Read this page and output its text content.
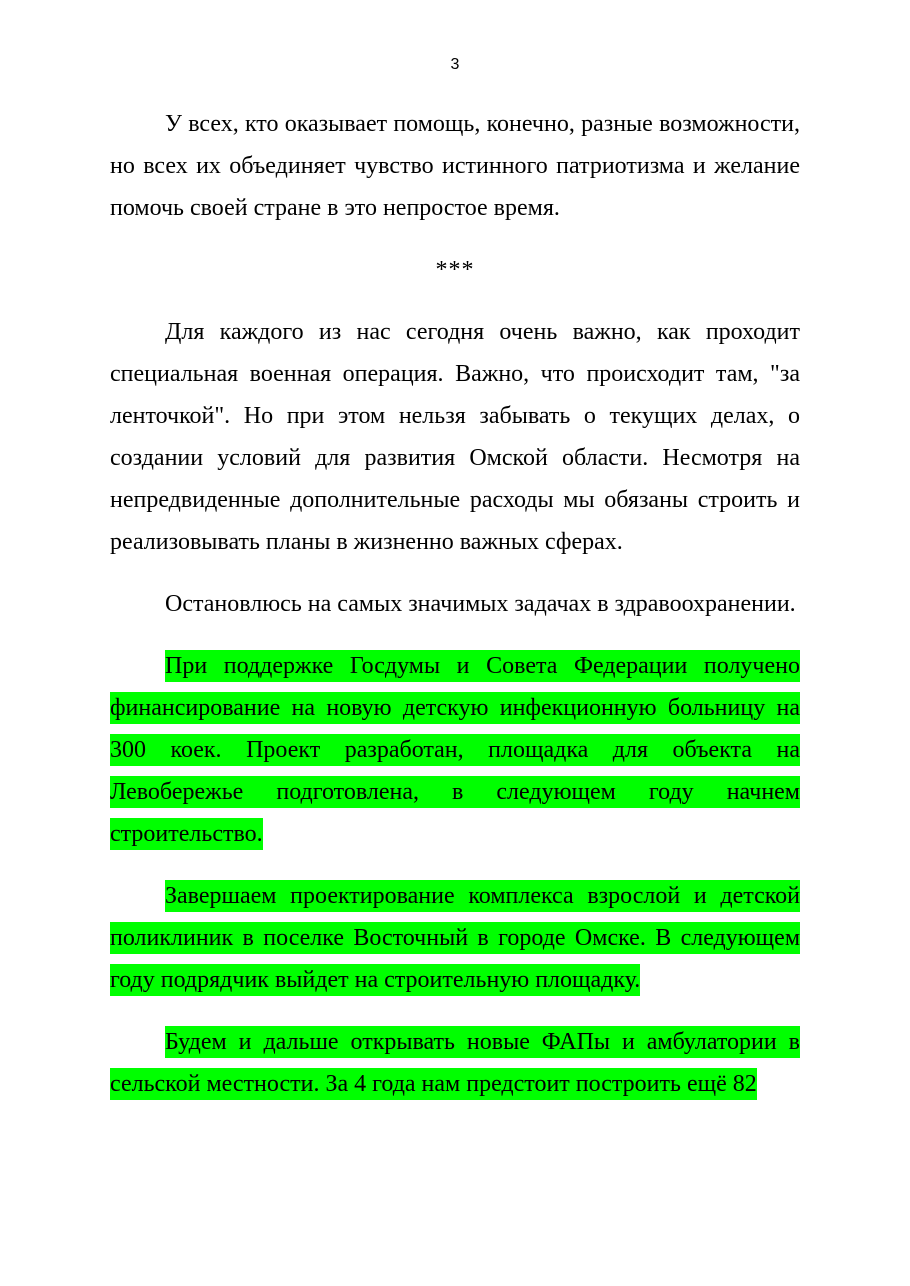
3

У всех, кто оказывает помощь, конечно, разные возможности, но всех их объединяет чувство истинного патриотизма и желание помочь своей стране в это непростое время.

***

Для каждого из нас сегодня очень важно, как проходит специальная военная операция. Важно, что происходит там, "за ленточкой". Но при этом нельзя забывать о текущих делах, о создании условий для развития Омской области. Несмотря на непредвиденные дополнительные расходы мы обязаны строить и реализовывать планы в жизненно важных сферах.

Остановлюсь на самых значимых задачах в здравоохранении.

При поддержке Госдумы и Совета Федерации получено финансирование на новую детскую инфекционную больницу на 300 коек. Проект разработан, площадка для объекта на Левобережье подготовлена, в следующем году начнем строительство.

Завершаем проектирование комплекса взрослой и детской поликлиник в поселке Восточный в городе Омске. В следующем году подрядчик выйдет на строительную площадку.

Будем и дальше открывать новые ФАПы и амбулатории в сельской местности. За 4 года нам предстоит построить ещё 82
